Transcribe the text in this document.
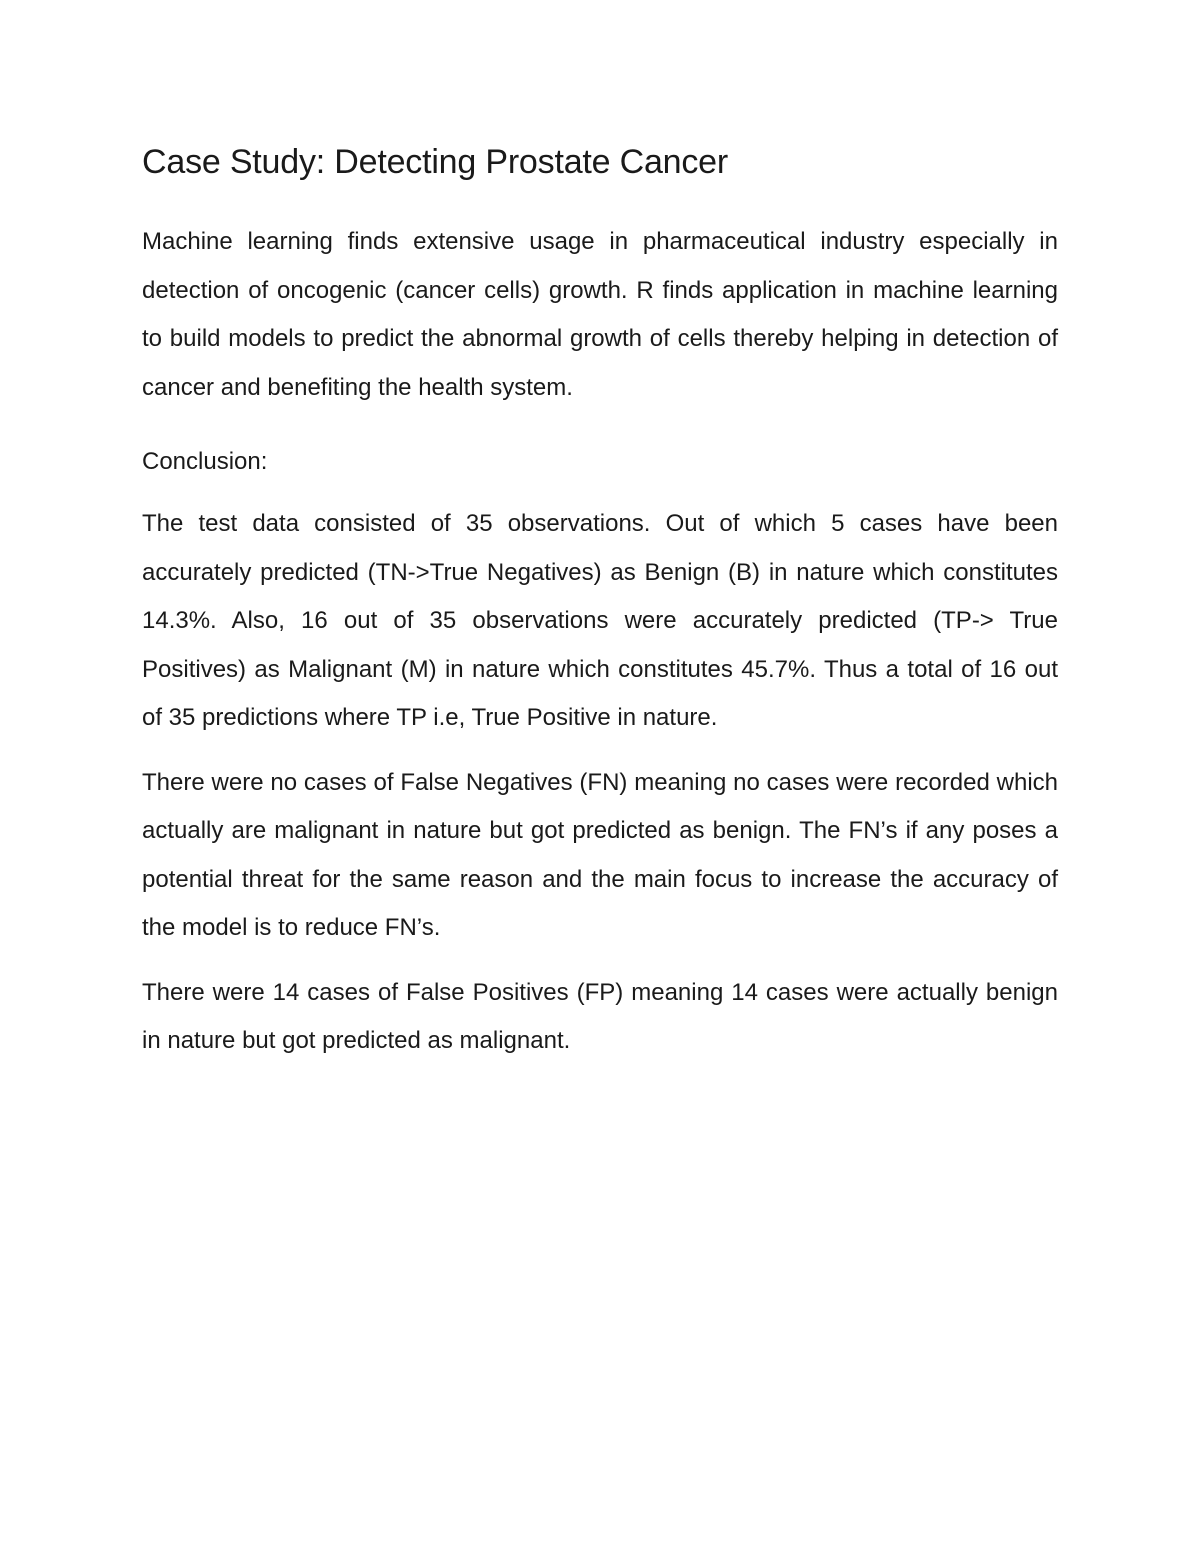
Case Study: Detecting Prostate Cancer

Machine learning finds extensive usage in pharmaceutical industry especially in detection of oncogenic (cancer cells) growth. R finds application in machine learning to build models to predict the abnormal growth of cells thereby helping in detection of cancer and benefiting the health system.

Conclusion:

The test data consisted of 35 observations. Out of which 5 cases have been accurately predicted (TN->True Negatives) as Benign (B) in nature which constitutes 14.3%. Also, 16 out of 35 observations were accurately predicted (TP-> True Positives) as Malignant (M) in nature which constitutes 45.7%. Thus a total of 16 out of 35 predictions where TP i.e, True Positive in nature.

There were no cases of False Negatives (FN) meaning no cases were recorded which actually are malignant in nature but got predicted as benign. The FN’s if any poses a potential threat for the same reason and the main focus to increase the accuracy of the model is to reduce FN’s.

There were 14 cases of False Positives (FP) meaning 14 cases were actually benign in nature but got predicted as malignant.
